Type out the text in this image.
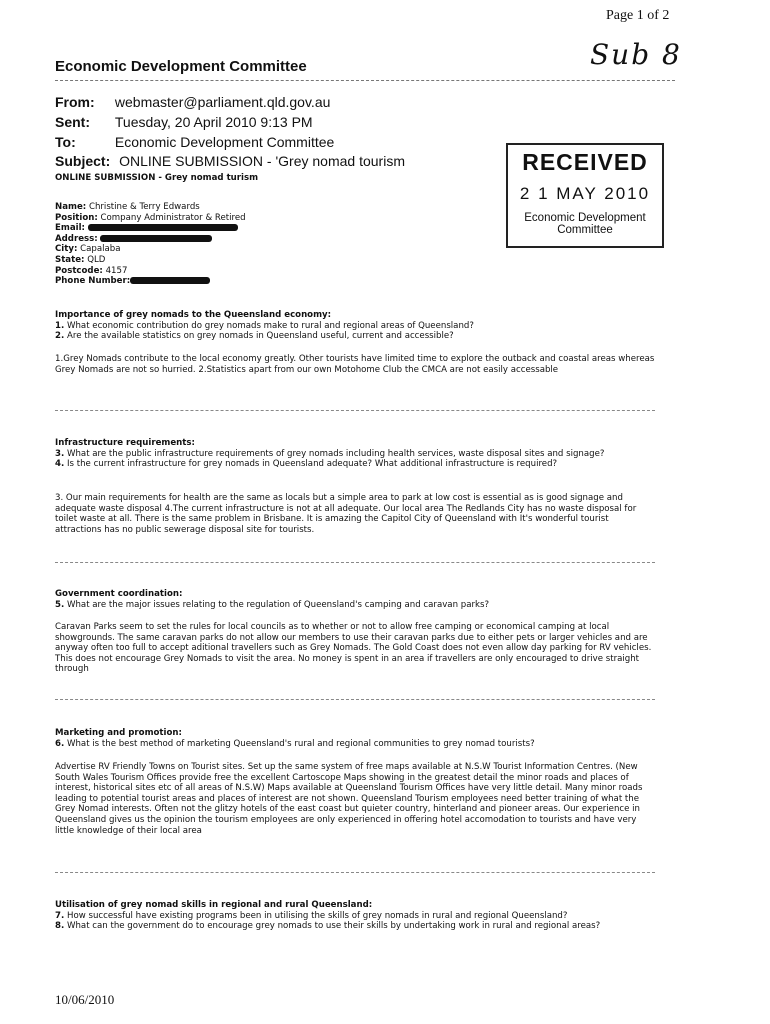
Page 1 of 2
Sub 8
Economic Development Committee
From: webmaster@parliament.qld.gov.au
Sent: Tuesday, 20 April 2010 9:13 PM
To:	Economic Development Committee
Subject: ONLINE SUBMISSION - 'Grey nomad tourism	RECEIVED
2 1 MAY 2010
Economic Development Committee
ONLINE SUBMISSION - Grey nomad turism
Name: Christine & Terry Edwards
Position: Company Administrator & Retired
Email:
Address:
City: Capalaba
State: QLD
Postcode: 4157
Phone Number:
Importance of grey nomads to the Queensland economy:
1. What economic contribution do grey nomads make to rural and regional areas of Queensland?
2. Are the available statistics on grey nomads in Queensland useful, current and accessible?
1.Grey Nomads contribute to the local economy greatly. Other tourists have limited time to explore the outback and coastal areas whereas Grey Nomads are not so hurried. 2.Statistics apart from our own Motohome Club the CMCA are not easily accessable
Infrastructure requirements:
3. What are the public infrastructure requirements of grey nomads including health services, waste disposal sites and signage?
4. Is the current infrastructure for grey nomads in Queensland adequate? What additional infrastructure is required?
3. Our main requirements for health are the same as locals but a simple area to park at low cost is essential as is good signage and adequate waste disposal 4.The current infrastructure is not at all adequate. Our local area The Redlands City has no waste disposal for toilet waste at all. There is the same problem in Brisbane. It is amazing the Capitol City of Queensland with It's wonderful tourist attractions has no public sewerage disposal site for tourists.
Government coordination:
5. What are the major issues relating to the regulation of Queensland's camping and caravan parks?
Caravan Parks seem to set the rules for local councils as to whether or not to allow free camping or economical camping at local showgrounds. The same caravan parks do not allow our members to use their caravan parks due to either pets or larger vehicles and are anyway often too full to accept aditional travellers such as Grey Nomads. The Gold Coast does not even allow day parking for RV vehicles. This does not encourage Grey Nomads to visit the area. No money is spent in an area if travellers are only encouraged to drive straight through
Marketing and promotion:
6. What is the best method of marketing Queensland's rural and regional communities to grey nomad tourists?
Advertise RV Friendly Towns on Tourist sites. Set up the same system of free maps available at N.S.W Tourist Information Centres. (New South Wales Tourism Offices provide free the excellent Cartoscope Maps showing in the greatest detail the minor roads and places of interest, historical sites etc of all areas of N.S.W) Maps available at Queensland Tourism Offices have very little detail. Many minor roads leading to potential tourist areas and places of interest are not shown. Queensland Tourism employees need better training of what the Grey Nomad interests. Often not the glitzy hotels of the east coast but quieter country, hinterland and pioneer areas. Our experience in Queensland gives us the opinion the tourism employees are only experienced in offering hotel accomodation to tourists and have very little knowledge of their local area
Utilisation of grey nomad skills in regional and rural Queensland:
7. How successful have existing programs been in utilising the skills of grey nomads in rural and regional Queensland?
8. What can the government do to encourage grey nomads to use their skills by undertaking work in rural and regional areas?
10/06/2010
